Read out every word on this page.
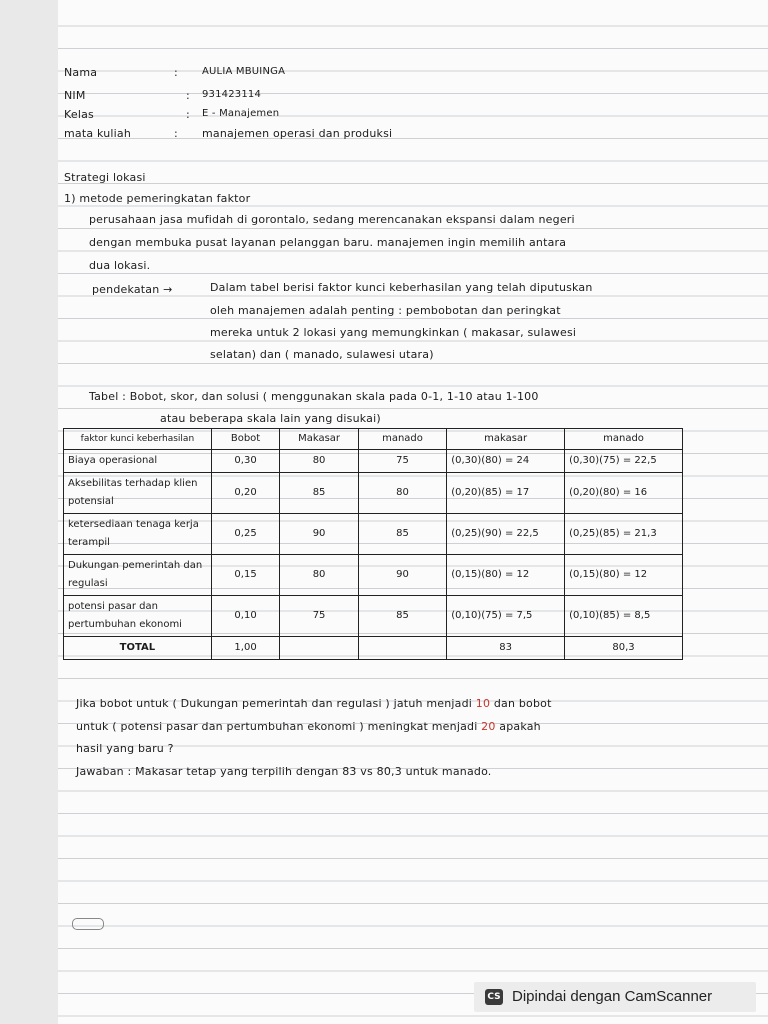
Nama	: AULIA MBUINGA
NIM	: 931423114
Kelas	: E - Manajemen
mata kuliah	: manajemen operasi dan produksi
Strategi lokasi
1) metode pemeringkatan faktor
perusahaan jasa mufidah di gorontalo, sedang merencanakan ekspansi dalam negeri
dengan membuka pusat layanan pelanggan baru. manajemen ingin memilih antara
dua lokasi.
pendekatan →	Dalam tabel berisi faktor kunci keberhasilan yang telah diputuskan
oleh manajemen adalah penting : pembobotan dan peringkat
mereka untuk 2 lokasi yang memungkinkan ( makasar, sulawesi
selatan) dan ( manado, sulawesi utara)
Tabel : Bobot, skor, dan solusi ( menggunakan skala pada 0-1, 1-10 atau 1-100
atau beberapa skala lain yang disukai)
faktor kunci keberhasilan	Bobot	Makasar	manado	makasar	manado
Biaya operasional	0,30	80	75	(0,30)(80) = 24	(0,30)(75) = 22,5
Aksebilitas terhadap klien potensial	0,20	85	80	(0,20)(85) = 17	(0,20)(80) = 16
ketersediaan tenaga kerja terampil	0,25	90	85	(0,25)(90) = 22,5	(0,25)(85) = 21,3
Dukungan pemerintah dan regulasi	0,15	80	90	(0,15)(80) = 12	(0,15)(80) = 12
potensi pasar dan pertumbuhan ekonomi	0,10	75	85	(0,10)(75) = 7,5	(0,10)(85) = 8,5
TOTAL	1,00			83	80,3
Jika bobot untuk ( Dukungan pemerintah dan regulasi ) jatuh menjadi 10 dan bobot
untuk ( potensi pasar dan pertumbuhan ekonomi ) meningkat menjadi 20 apakah
hasil yang baru ?
Jawaban : Makasar tetap yang terpilih dengan 83 vs 80,3 untuk manado.
CS Dipindai dengan CamScanner
